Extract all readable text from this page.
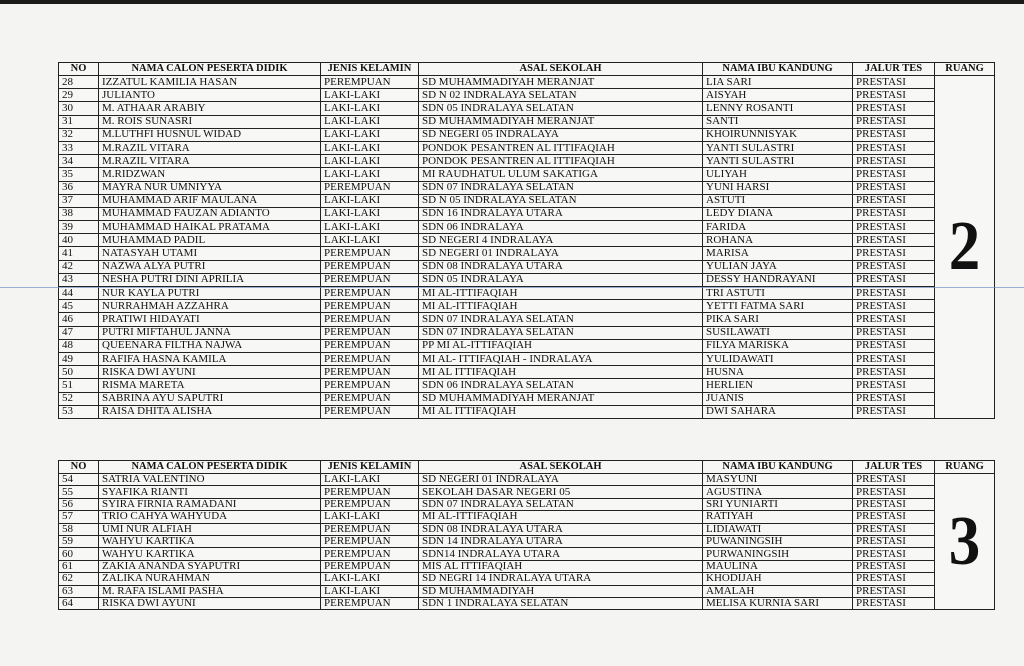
NO	NAMA CALON PESERTA DIDIK	JENIS KELAMIN	ASAL SEKOLAH	NAMA IBU KANDUNG	JALUR TES	RUANG
28	IZZATUL KAMILIA HASAN	PEREMPUAN	SD MUHAMMADIYAH MERANJAT	LIA SARI	PRESTASI	2
29	JULIANTO	LAKI-LAKI	SD N 02 INDRALAYA SELATAN	AISYAH	PRESTASI	
30	M. ATHAAR ARABIY	LAKI-LAKI	SDN 05 INDRALAYA SELATAN	LENNY ROSANTI	PRESTASI	
31	M. ROIS SUNASRI	LAKI-LAKI	SD MUHAMMADIYAH MERANJAT	SANTI	PRESTASI	
32	M.LUTHFI HUSNUL WIDAD	LAKI-LAKI	SD NEGERI 05 INDRALAYA	KHOIRUNNISYAK	PRESTASI	
33	M.RAZIL VITARA	LAKI-LAKI	PONDOK PESANTREN AL ITTIFAQIAH	YANTI SULASTRI	PRESTASI	
34	M.RAZIL VITARA	LAKI-LAKI	PONDOK PESANTREN AL ITTIFAQIAH	YANTI SULASTRI	PRESTASI	
35	M.RIDZWAN	LAKI-LAKI	MI RAUDHATUL ULUM SAKATIGA	ULIYAH	PRESTASI	
36	MAYRA NUR UMNIYYA	PEREMPUAN	SDN 07 INDRALAYA SELATAN	YUNI HARSI	PRESTASI	
37	MUHAMMAD ARIF MAULANA	LAKI-LAKI	SD N 05 INDRALAYA SELATAN	ASTUTI	PRESTASI	
38	MUHAMMAD FAUZAN ADIANTO	LAKI-LAKI	SDN 16 INDRALAYA UTARA	LEDY DIANA	PRESTASI	
39	MUHAMMAD HAIKAL PRATAMA	LAKI-LAKI	SDN 06 INDRALAYA	FARIDA	PRESTASI	
40	MUHAMMAD PADIL	LAKI-LAKI	SD NEGERI 4 INDRALAYA	ROHANA	PRESTASI	
41	NATASYAH UTAMI	PEREMPUAN	SD NEGERI 01 INDRALAYA	MARISA	PRESTASI	
42	NAZWA ALYA PUTRI	PEREMPUAN	SDN 08 INDRALAYA UTARA	YULIAN JAYA	PRESTASI	
43	NESHA PUTRI DINI APRILIA	PEREMPUAN	SDN 05 INDRALAYA	DESSY HANDRAYANI	PRESTASI	
44	NUR KAYLA PUTRI	PEREMPUAN	MI AL-ITTIFAQIAH	TRI ASTUTI	PRESTASI	
45	NURRAHMAH AZZAHRA	PEREMPUAN	MI AL-ITTIFAQIAH	YETTI FATMA SARI	PRESTASI	
46	PRATIWI HIDAYATI	PEREMPUAN	SDN 07 INDRALAYA SELATAN	PIKA SARI	PRESTASI	
47	PUTRI MIFTAHUL JANNA	PEREMPUAN	SDN 07 INDRALAYA SELATAN	SUSILAWATI	PRESTASI	
48	QUEENARA FILTHA NAJWA	PEREMPUAN	PP MI AL-ITTIFAQIAH	FILYA MARISKA	PRESTASI	
49	RAFIFA HASNA KAMILA	PEREMPUAN	MI AL- ITTIFAQIAH - INDRALAYA	YULIDAWATI	PRESTASI	
50	RISKA DWI AYUNI	PEREMPUAN	MI AL ITTIFAQIAH	HUSNA	PRESTASI	
51	RISMA MARETA	PEREMPUAN	SDN 06 INDRALAYA SELATAN	HERLIEN	PRESTASI	
52	SABRINA AYU SAPUTRI	PEREMPUAN	SD MUHAMMADIYAH MERANJAT	JUANIS	PRESTASI	
53	RAISA DHITA ALISHA	PEREMPUAN	MI AL ITTIFAQIAH	DWI SAHARA	PRESTASI	
NO	NAMA CALON PESERTA DIDIK	JENIS KELAMIN	ASAL SEKOLAH	NAMA IBU KANDUNG	JALUR TES	RUANG
54	SATRIA VALENTINO	LAKI-LAKI	SD NEGERI 01 INDRALAYA	MASYUNI	PRESTASI	3
55	SYAFIKA RIANTI	PEREMPUAN	SEKOLAH DASAR NEGERI 05	AGUSTINA	PRESTASI	
56	SYIRA FIRNIA RAMADANI	PEREMPUAN	SDN 07 INDRALAYA SELATAN	SRI YUNIARTI	PRESTASI	
57	TRIO CAHYA WAHYUDA	LAKI-LAKI	MI AL-ITTIFAQIAH	RATIYAH	PRESTASI	
58	UMI NUR ALFIAH	PEREMPUAN	SDN 08 INDRALAYA UTARA	LIDIAWATI	PRESTASI	
59	WAHYU KARTIKA	PEREMPUAN	SDN 14 INDRALAYA UTARA	PUWANINGSIH	PRESTASI	
60	WAHYU KARTIKA	PEREMPUAN	SDN14 INDRALAYA UTARA	PURWANINGSIH	PRESTASI	
61	ZAKIA ANANDA SYAPUTRI	PEREMPUAN	MIS AL ITTIFAQIAH	MAULINA	PRESTASI	
62	ZALIKA NURAHMAN	LAKI-LAKI	SD NEGRI 14 INDRALAYA UTARA	KHODIJAH	PRESTASI	
63	M. RAFA ISLAMI PASHA	LAKI-LAKI	SD MUHAMMADIYAH	AMALAH	PRESTASI	
64	RISKA DWI AYUNI	PEREMPUAN	SDN 1 INDRALAYA SELATAN	MELISA KURNIA SARI	PRESTASI	
